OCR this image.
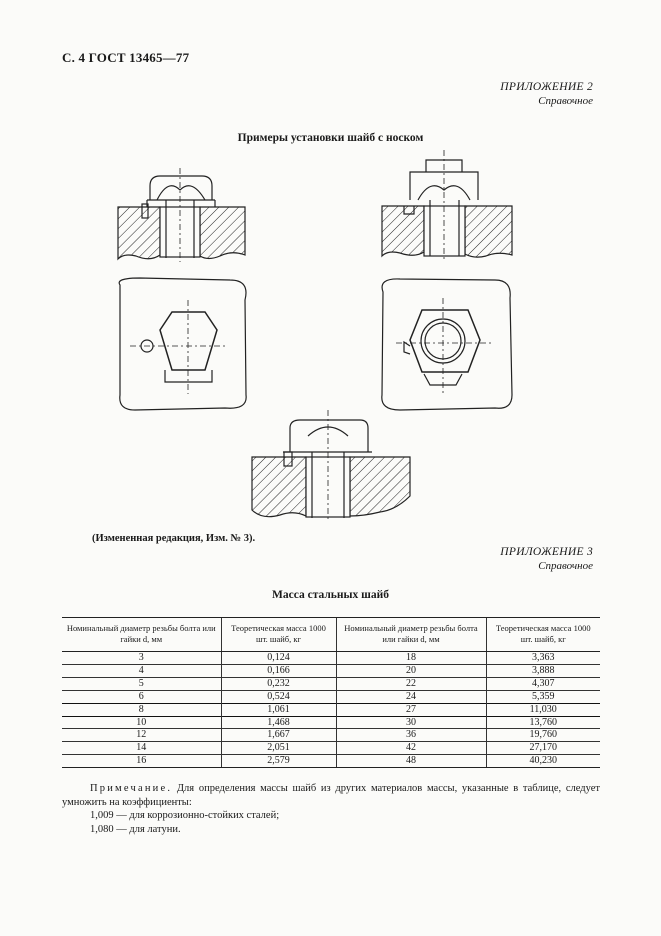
С. 4 ГОСТ 13465—77
ПРИЛОЖЕНИЕ 2
Справочное
Примеры установки шайб с носком
(Измененная редакция, Изм. № 3).
ПРИЛОЖЕНИЕ 3
Справочное
Масса стальных шайб
Номинальный диаметр резьбы болта или гайки d, мм	Теоретическая масса 1000 шт. шайб, кг	Номинальный диаметр резьбы болта или гайки d, мм	Теоретическая масса 1000 шт. шайб, кг
3	0,124	18	3,363
4	0,166	20	3,888
5	0,232	22	4,307
6	0,524	24	5,359
8	1,061	27	11,030
10	1,468	30	13,760
12	1,667	36	19,760
14	2,051	42	27,170
16	2,579	48	40,230

Примечание. Для определения массы шайб из других материалов массы, указанные в таблице, следует умножить на коэффициенты:

1,009 — для коррозионно-стойких сталей;

1,080 — для латуни.
